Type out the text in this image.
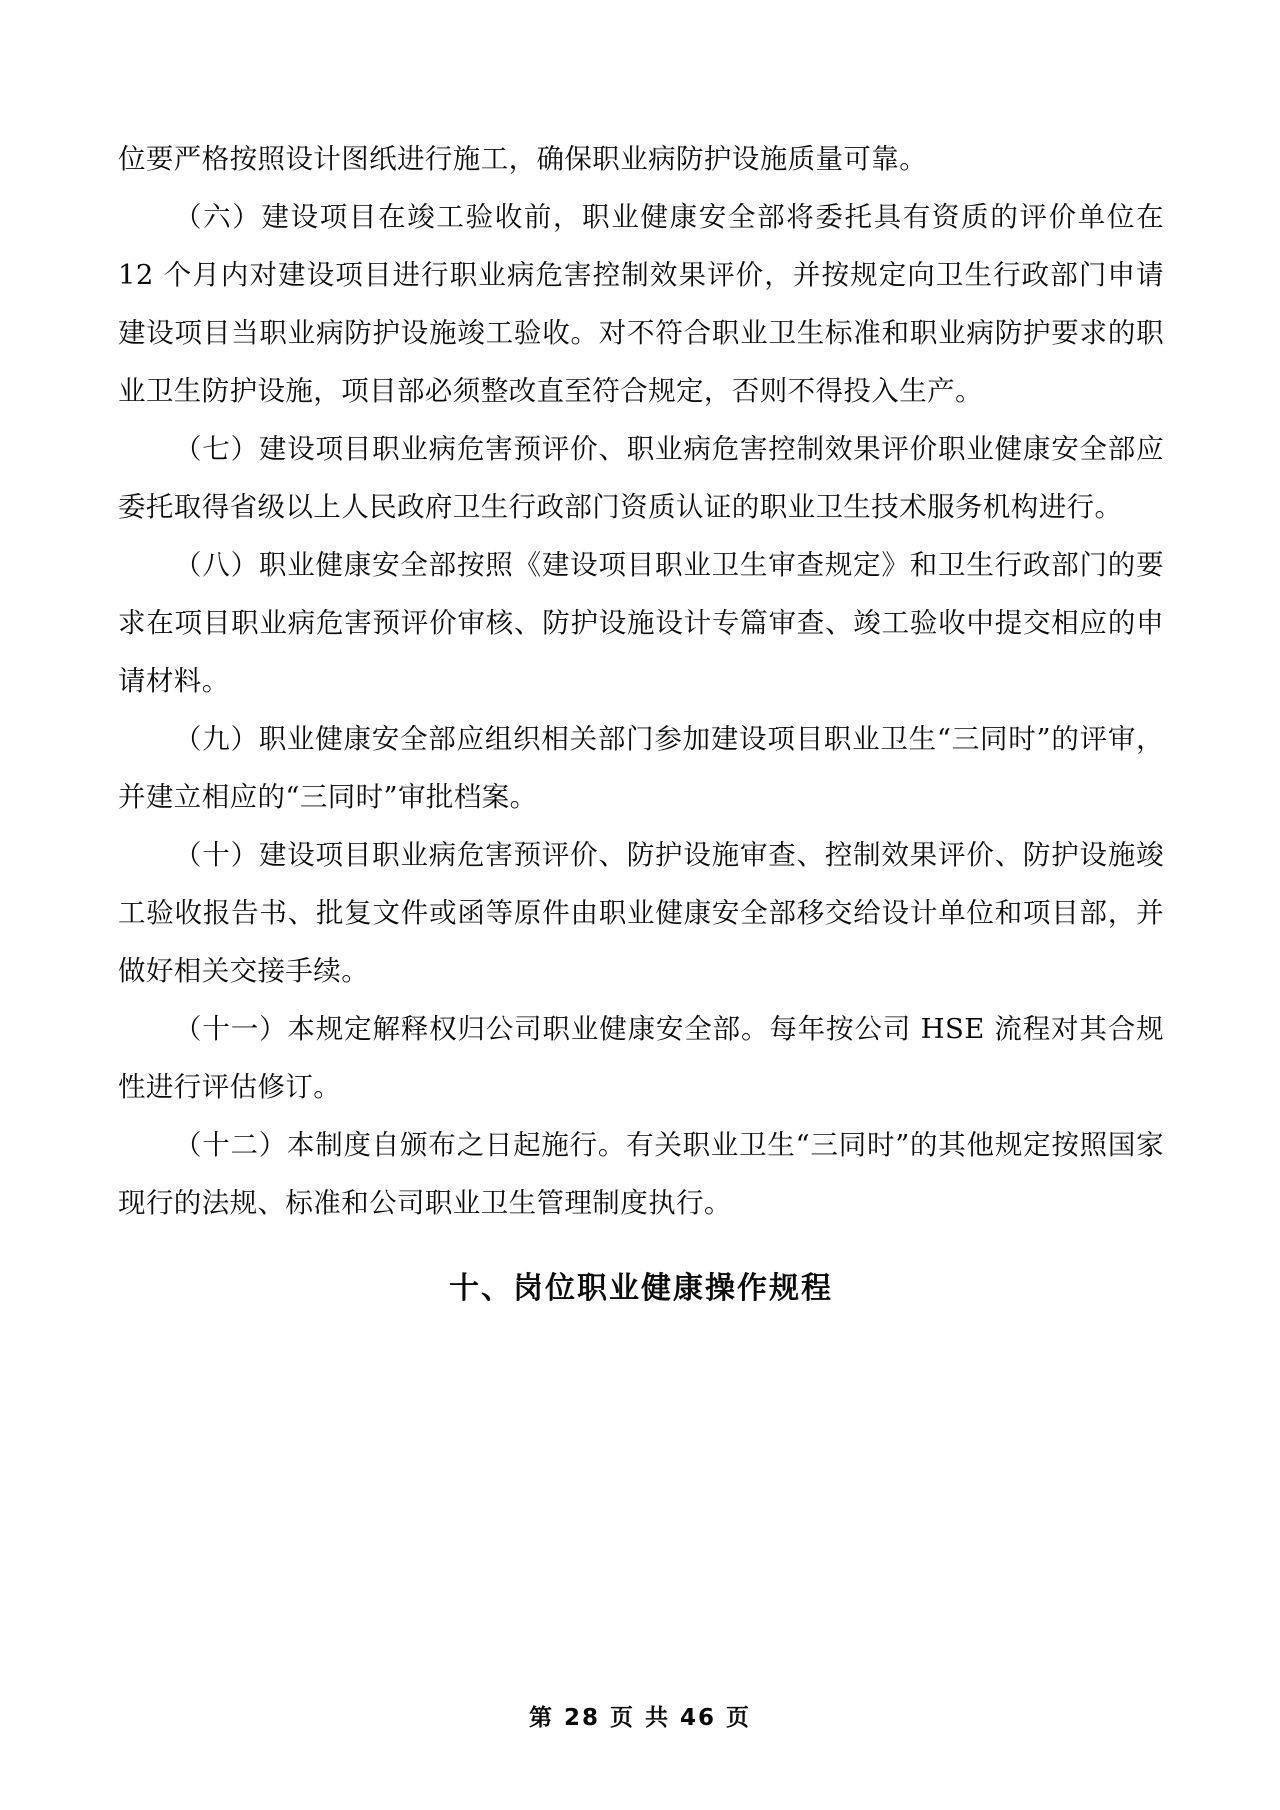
位要严格按照设计图纸进行施工，确保职业病防护设施质量可靠。

（六）建设项目在竣工验收前，职业健康安全部将委托具有资质的评价单位在 12 个月内对建设项目进行职业病危害控制效果评价，并按规定向卫生行政部门申请建设项目当职业病防护设施竣工验收。对不符合职业卫生标准和职业病防护要求的职业卫生防护设施，项目部必须整改直至符合规定，否则不得投入生产。

（七）建设项目职业病危害预评价、职业病危害控制效果评价职业健康安全部应委托取得省级以上人民政府卫生行政部门资质认证的职业卫生技术服务机构进行。

（八）职业健康安全部按照《建设项目职业卫生审查规定》和卫生行政部门的要求在项目职业病危害预评价审核、防护设施设计专篇审查、竣工验收中提交相应的申请材料。

（九）职业健康安全部应组织相关部门参加建设项目职业卫生“三同时”的评审，并建立相应的“三同时”审批档案。

（十）建设项目职业病危害预评价、防护设施审查、控制效果评价、防护设施竣工验收报告书、批复文件或函等原件由职业健康安全部移交给设计单位和项目部，并做好相关交接手续。

（十一）本规定解释权归公司职业健康安全部。每年按公司 HSE 流程对其合规性进行评估修订。

（十二）本制度自颁布之日起施行。有关职业卫生“三同时”的其他规定按照国家现行的法规、标准和公司职业卫生管理制度执行。

十、岗位职业健康操作规程
第 28 页 共 46 页
